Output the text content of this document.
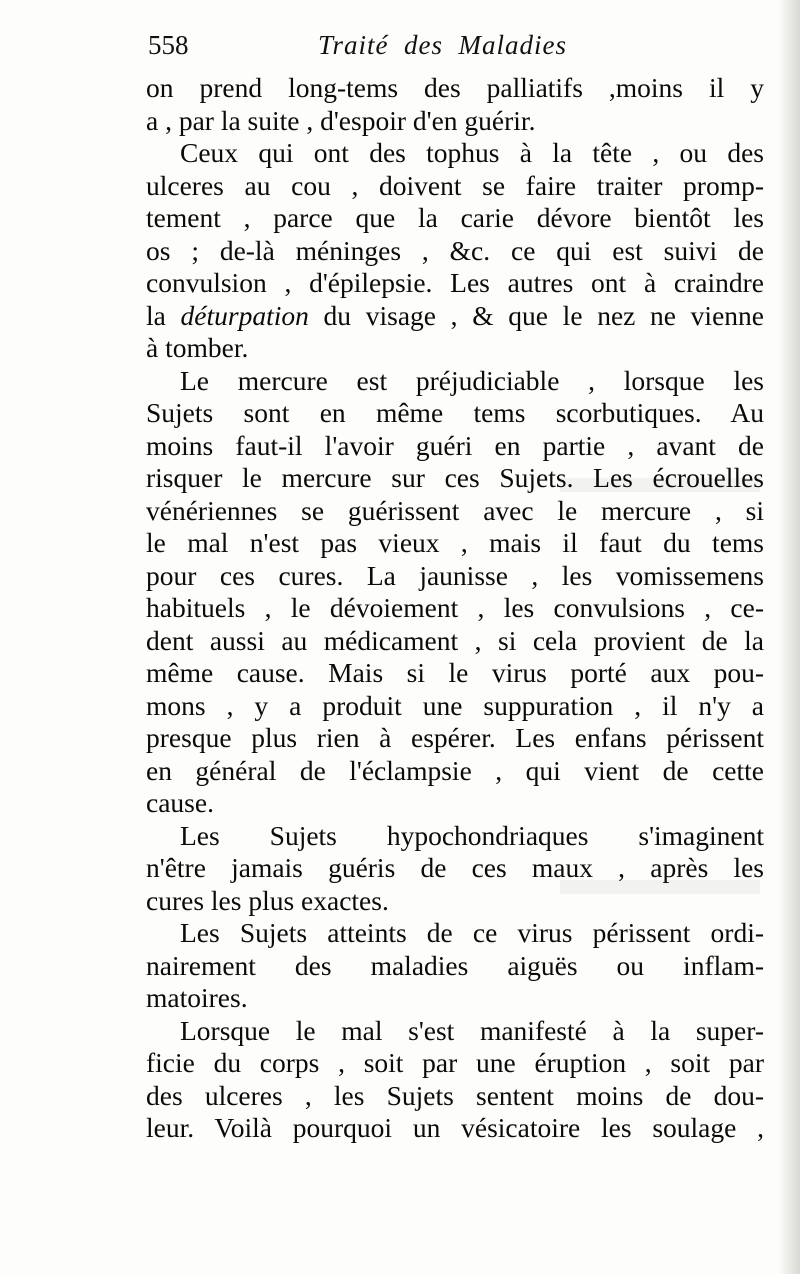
558	Traité  des  Maladies
on prend long-tems des palliatifs ,moins il y
a , par la suite , d'espoir d'en guérir.
Ceux qui ont des tophus à la tête , ou des
ulceres au cou , doivent se faire traiter promp-
tement , parce que la carie dévore bientôt les
os ; de-là méninges , &c. ce qui est suivi de
convulsion , d'épilepsie. Les autres ont à craindre
la déturpation du visage , & que le nez ne vienne
à tomber.
Le mercure est préjudiciable , lorsque les
Sujets sont en même tems scorbutiques. Au
moins faut-il l'avoir guéri en partie , avant de
risquer le mercure sur ces Sujets. Les écrouelles
vénériennes se guérissent avec le mercure , si
le mal n'est pas vieux , mais il faut du tems
pour ces cures. La jaunisse , les vomissemens
habituels , le dévoiement , les convulsions , ce-
dent aussi au médicament , si cela provient de la
même cause. Mais si le virus porté aux pou-
mons , y a produit une suppuration , il n'y a
presque plus rien à espérer. Les enfans périssent
en général de l'éclampsie , qui vient de cette
cause.
Les Sujets hypochondriaques s'imaginent
n'être jamais guéris de ces maux , après les
cures les plus exactes.
Les Sujets atteints de ce virus périssent ordi-
nairement des maladies aiguës ou inflam-
matoires.
Lorsque le mal s'est manifesté à la super-
ficie du corps , soit par une éruption , soit par
des ulceres , les Sujets sentent moins de dou-
leur. Voilà pourquoi un vésicatoire les soulage ,
